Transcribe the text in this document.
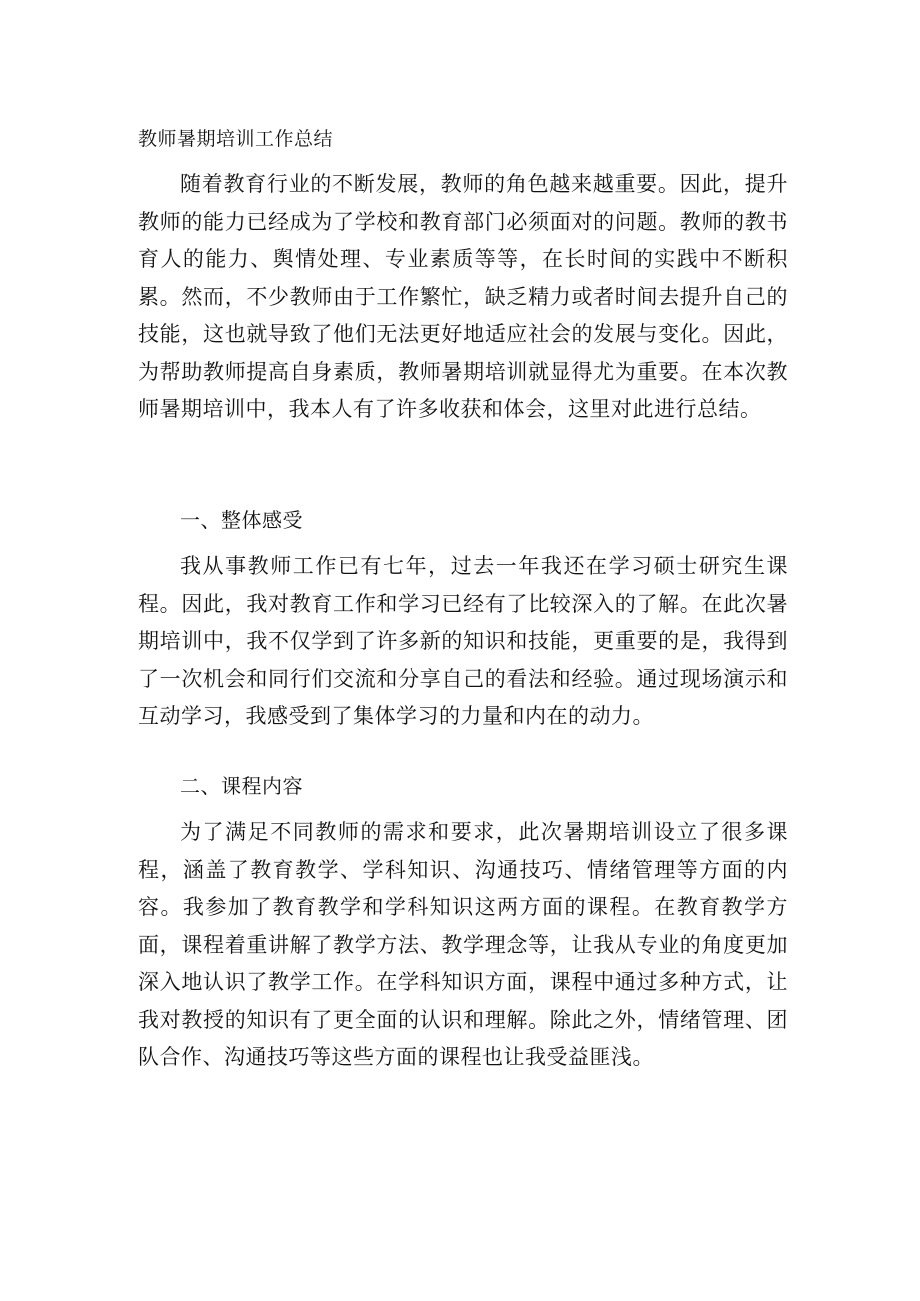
教师暑期培训工作总结

随着教育行业的不断发展，教师的角色越来越重要。因此，提升教师的能力已经成为了学校和教育部门必须面对的问题。教师的教书育人的能力、舆情处理、专业素质等等，在长时间的实践中不断积累。然而，不少教师由于工作繁忙，缺乏精力或者时间去提升自己的技能，这也就导致了他们无法更好地适应社会的发展与变化。因此，为帮助教师提高自身素质，教师暑期培训就显得尤为重要。在本次教师暑期培训中，我本人有了许多收获和体会，这里对此进行总结。

一、整体感受

我从事教师工作已有七年，过去一年我还在学习硕士研究生课程。因此，我对教育工作和学习已经有了比较深入的了解。在此次暑期培训中，我不仅学到了许多新的知识和技能，更重要的是，我得到了一次机会和同行们交流和分享自己的看法和经验。通过现场演示和互动学习，我感受到了集体学习的力量和内在的动力。

二、课程内容

为了满足不同教师的需求和要求，此次暑期培训设立了很多课程，涵盖了教育教学、学科知识、沟通技巧、情绪管理等方面的内容。我参加了教育教学和学科知识这两方面的课程。在教育教学方面，课程着重讲解了教学方法、教学理念等，让我从专业的角度更加深入地认识了教学工作。在学科知识方面，课程中通过多种方式，让我对教授的知识有了更全面的认识和理解。除此之外，情绪管理、团队合作、沟通技巧等这些方面的课程也让我受益匪浅。
